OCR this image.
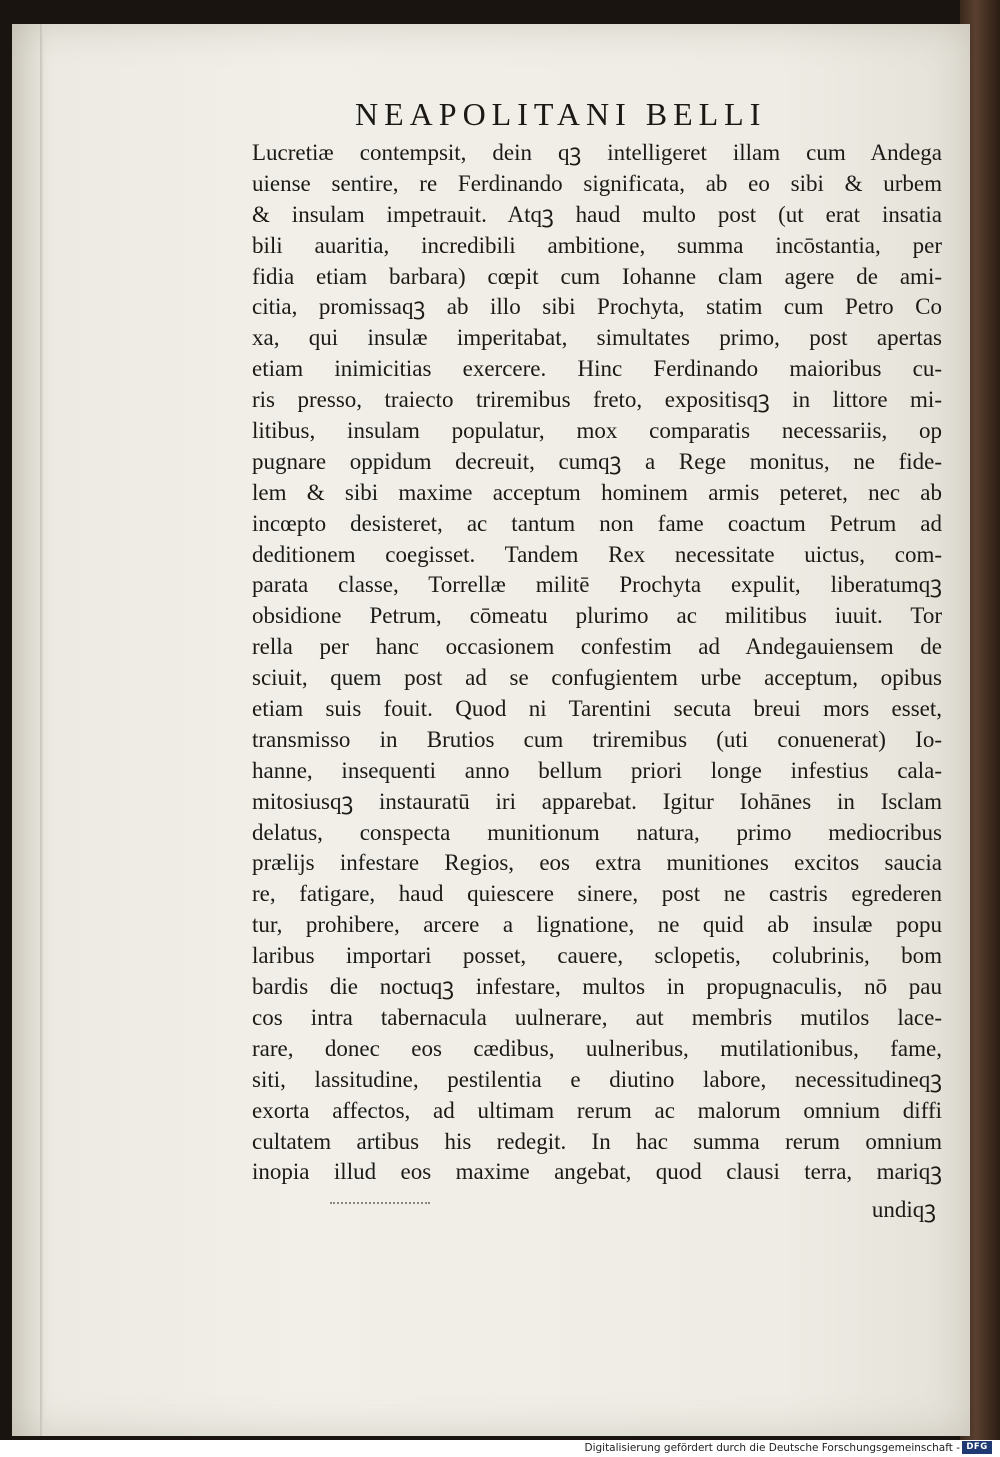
NEAPOLITANI BELLI
Lucretiæ contempsit, dein qꝫ intelligeret illam cum Andega
uiense sentire, re Ferdinando significata, ab eo sibi & urbem
& insulam impetrauit. Atqꝫ haud multo post (ut erat insatia
bili auaritia, incredibili ambitione, summa incōstantia, per
fidia etiam barbara) cœpit cum Iohanne clam agere de ami-
citia, promissaqꝫ ab illo sibi Prochyta, statim cum Petro Co
xa, qui insulæ imperitabat, simultates primo, post apertas
etiam inimicitias exercere. Hinc Ferdinando maioribus cu-
ris presso, traiecto triremibus freto, expositisqꝫ in littore mi-
litibus, insulam populatur, mox comparatis necessariis, op
pugnare oppidum decreuit, cumqꝫ a Rege monitus, ne fide-
lem & sibi maxime acceptum hominem armis peteret, nec ab
incœpto desisteret, ac tantum non fame coactum Petrum ad
deditionem coegisset. Tandem Rex necessitate uictus, com-
parata classe, Torrellæ militē Prochyta expulit, liberatumqꝫ
obsidione Petrum, cōmeatu plurimo ac militibus iuuit. Tor
rella per hanc occasionem confestim ad Andegauiensem de
sciuit, quem post ad se confugientem urbe acceptum, opibus
etiam suis fouit. Quod ni Tarentini secuta breui mors esset,
transmisso in Brutios cum triremibus (uti conuenerat) Io-
hanne, insequenti anno bellum priori longe infestius cala-
mitosiusqꝫ instauratū iri apparebat. Igitur Iohānes in Isclam
delatus, conspecta munitionum natura, primo mediocribus
prælijs infestare Regios, eos extra munitiones excitos saucia
re, fatigare, haud quiescere sinere, post ne castris egrederen
tur, prohibere, arcere a lignatione, ne quid ab insulæ popu
laribus importari posset, cauere, sclopetis, colubrinis, bom
bardis die noctuqꝫ infestare, multos in propugnaculis, nō pau
cos intra tabernacula uulnerare, aut membris mutilos lace-
rare, donec eos cædibus, uulneribus, mutilationibus, fame,
siti, lassitudine, pestilentia e diutino labore, necessitudineqꝫ
exorta affectos, ad ultimam rerum ac malorum omnium diffi
cultatem artibus his redegit. In hac summa rerum omnium
inopia illud eos maxime angebat, quod clausi terra, mariqꝫ
undiqꝫ
Digitalisierung gefördert durch die Deutsche Forschungsgemeinschaft - DFG
